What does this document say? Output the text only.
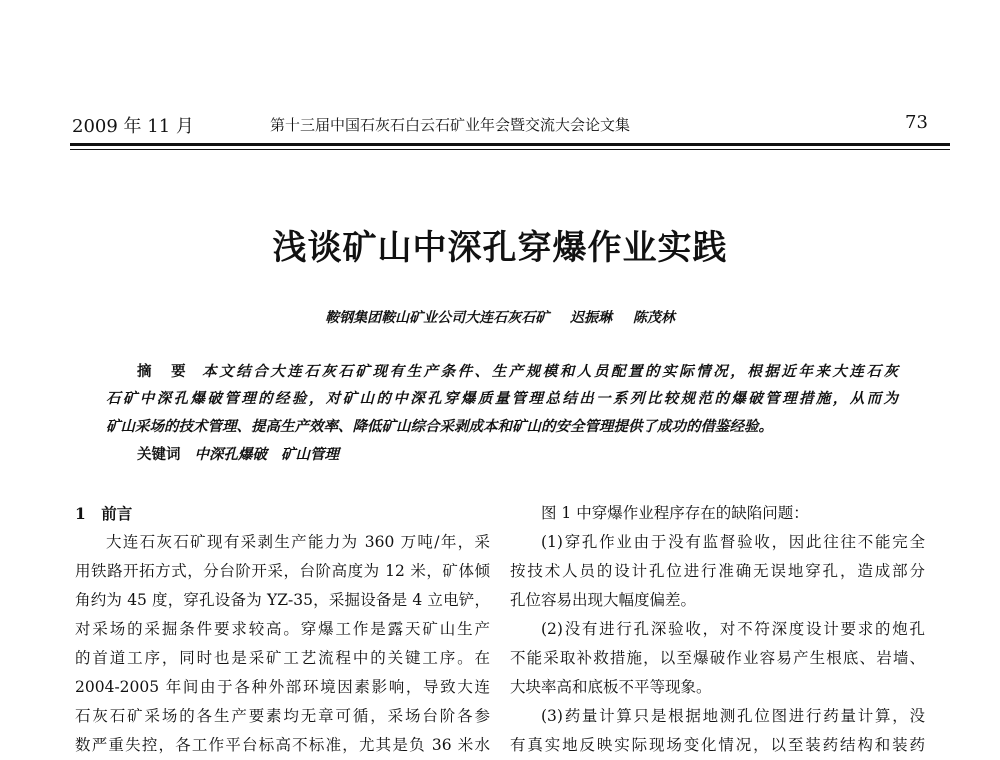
2009 年 11 月	第十三届中国石灰石白云石矿业年会暨交流大会论文集	73
浅谈矿山中深孔穿爆作业实践
鞍钢集团鞍山矿业公司大连石灰石矿 迟振琳 陈茂林
摘　要 本文结合大连石灰石矿现有生产条件、生产规模和人员配置的实际情况，根据近年来大连石灰
石矿中深孔爆破管理的经验，对矿山的中深孔穿爆质量管理总结出一系列比较规范的爆破管理措施，从而为
矿山采场的技术管理、提高生产效率、降低矿山综合采剥成本和矿山的安全管理提供了成功的借鉴经验。
关键词 中深孔爆破 矿山管理
1　前言
大连石灰石矿现有采剥生产能力为 360 万吨/年，采
用铁路开拓方式，分台阶开采，台阶高度为 12 米，矿体倾
角约为 45 度，穿孔设备为 YZ-35，采掘设备是 4 立电铲，
对采场的采掘条件要求较高。穿爆工作是露天矿山生产
的首道工序，同时也是采矿工艺流程中的关键工序。在
2004-2005 年间由于各种外部环境因素影响，导致大连
石灰石矿采场的各生产要素均无章可循，采场台阶各参
数严重失控，各工作平台标高不标准，尤其是负 36 米水
图 1 中穿爆作业程序存在的缺陷问题：
(1)穿孔作业由于没有监督验收，因此往往不能完全
按技术人员的设计孔位进行准确无误地穿孔，造成部分
孔位容易出现大幅度偏差。
(2)没有进行孔深验收，对不符深度设计要求的炮孔
不能采取补救措施，以至爆破作业容易产生根底、岩墙、
大块率高和底板不平等现象。
(3)药量计算只是根据地测孔位图进行药量计算，没
有真实地反映实际现场变化情况，以至装药结构和装药
